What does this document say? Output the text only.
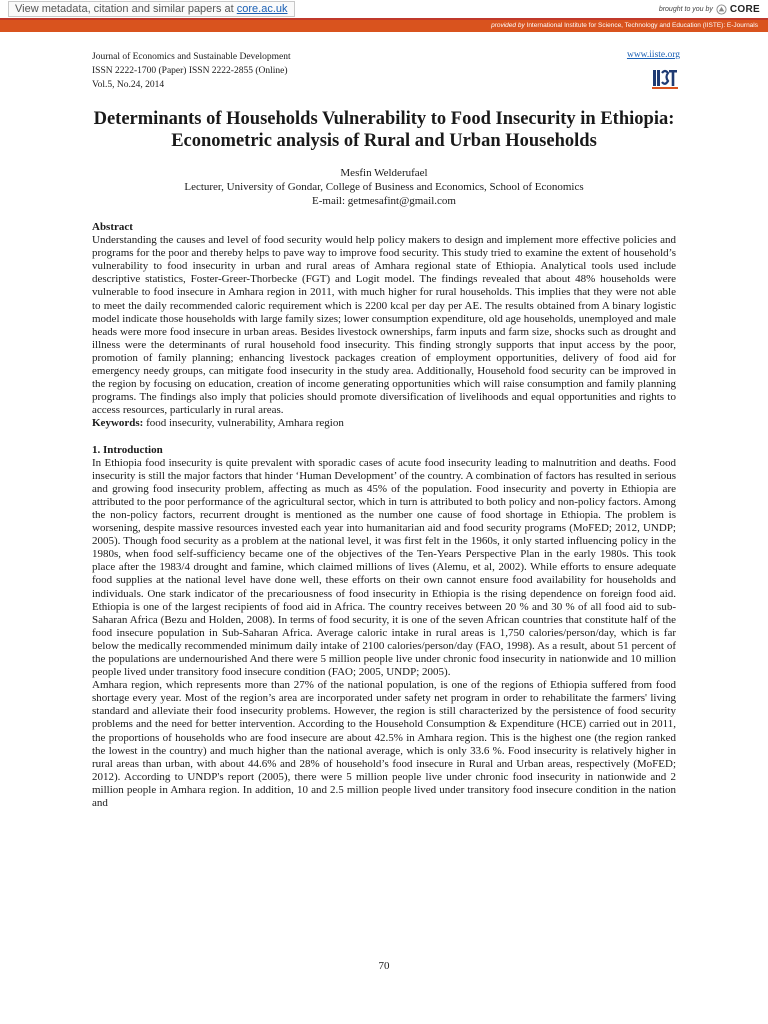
View metadata, citation and similar papers at core.ac.uk	brought to you by CORE
provided by International Institute for Science, Technology and Education (IISTE): E-Journals
Journal of Economics and Sustainable Development
ISSN 2222-1700 (Paper) ISSN 2222-2855 (Online)
Vol.5, No.24, 2014
www.iiste.org
Determinants of Households Vulnerability to Food Insecurity in Ethiopia: Econometric analysis of Rural and Urban Households
Mesfin Welderufael
Lecturer, University of Gondar, College of Business and Economics, School of Economics
E-mail: getmesafint@gmail.com

Abstract

Understanding the causes and level of food security would help policy makers to design and implement more effective policies and programs for the poor and thereby helps to pave way to improve food security. This study tried to examine the extent of household’s vulnerability to food insecurity in urban and rural areas of Amhara regional state of Ethiopia. Analytical tools used include descriptive statistics, Foster-Greer-Thorbecke (FGT) and Logit model. The findings revealed that about 48% households were vulnerable to food insecure in Amhara region in 2011, with much higher for rural households. This implies that they were not able to meet the daily recommended caloric requirement which is 2200 kcal per day per AE. The results obtained from A binary logistic model indicate those households with large family sizes; lower consumption expenditure, old age households, unemployed and male heads were more food insecure in urban areas. Besides livestock ownerships, farm inputs and farm size, shocks such as drought and illness were the determinants of rural household food insecurity. This finding strongly supports that input access by the poor, promotion of family planning; enhancing livestock packages creation of employment opportunities, delivery of food aid for emergency needy groups, can mitigate food insecurity in the study area. Additionally, Household food security can be improved in the region by focusing on education, creation of income generating opportunities which will raise consumption and family planning programs. The findings also imply that policies should promote diversification of livelihoods and equal opportunities and rights to access resources, particularly in rural areas.

Keywords: food insecurity, vulnerability, Amhara region

1. Introduction

In Ethiopia food insecurity is quite prevalent with sporadic cases of acute food insecurity leading to malnutrition and deaths. Food insecurity is still the major factors that hinder ‘Human Development’ of the country. A combination of factors has resulted in serious and growing food insecurity problem, affecting as much as 45% of the population. Food insecurity and poverty in Ethiopia are attributed to the poor performance of the agricultural sector, which in turn is attributed to both policy and non-policy factors. Among the non-policy factors, recurrent drought is mentioned as the number one cause of food shortage in Ethiopia. The problem is worsening, despite massive resources invested each year into humanitarian aid and food security programs (MoFED; 2012, UNDP; 2005). Though food security as a problem at the national level, it was first felt in the 1960s, it only started influencing policy in the 1980s, when food self-sufficiency became one of the objectives of the Ten-Years Perspective Plan in the early 1980s. This took place after the 1983/4 drought and famine, which claimed millions of lives (Alemu, et al, 2002). While efforts to ensure adequate food supplies at the national level have done well, these efforts on their own cannot ensure food availability for households and individuals. One stark indicator of the precariousness of food insecurity in Ethiopia is the rising dependence on foreign food aid. Ethiopia is one of the largest recipients of food aid in Africa. The country receives between 20 % and 30 % of all food aid to sub-Saharan Africa (Bezu and Holden, 2008). In terms of food security, it is one of the seven African countries that constitute half of the food insecure population in Sub-Saharan Africa. Average caloric intake in rural areas is 1,750 calories/person/day, which is far below the medically recommended minimum daily intake of 2100 calories/person/day (FAO, 1998). As a result, about 51 percent of the populations are undernourished And there were 5 million people live under chronic food insecurity in nationwide and 10 million people lived under transitory food insecure condition (FAO; 2005, UNDP; 2005).

Amhara region, which represents more than 27% of the national population, is one of the regions of Ethiopia suffered from food shortage every year. Most of the region’s area are incorporated under safety net program in order to rehabilitate the farmers' living standard and alleviate their food insecurity problems. However, the region is still characterized by the persistence of food security problems and the need for better intervention. According to the Household Consumption & Expenditure (HCE) carried out in 2011, the proportions of households who are food insecure are about 42.5% in Amhara region. This is the highest one (the region ranked the lowest in the country) and much higher than the national average, which is only 33.6 %. Food insecurity is relatively higher in rural areas than urban, with about 44.6% and 28% of household’s food insecure in Rural and Urban areas, respectively (MoFED; 2012). According to UNDP's report (2005), there were 5 million people live under chronic food insecurity in nationwide and 2 million people in Amhara region. In addition, 10 and 2.5 million people lived under transitory food insecure condition in the nation and

70
